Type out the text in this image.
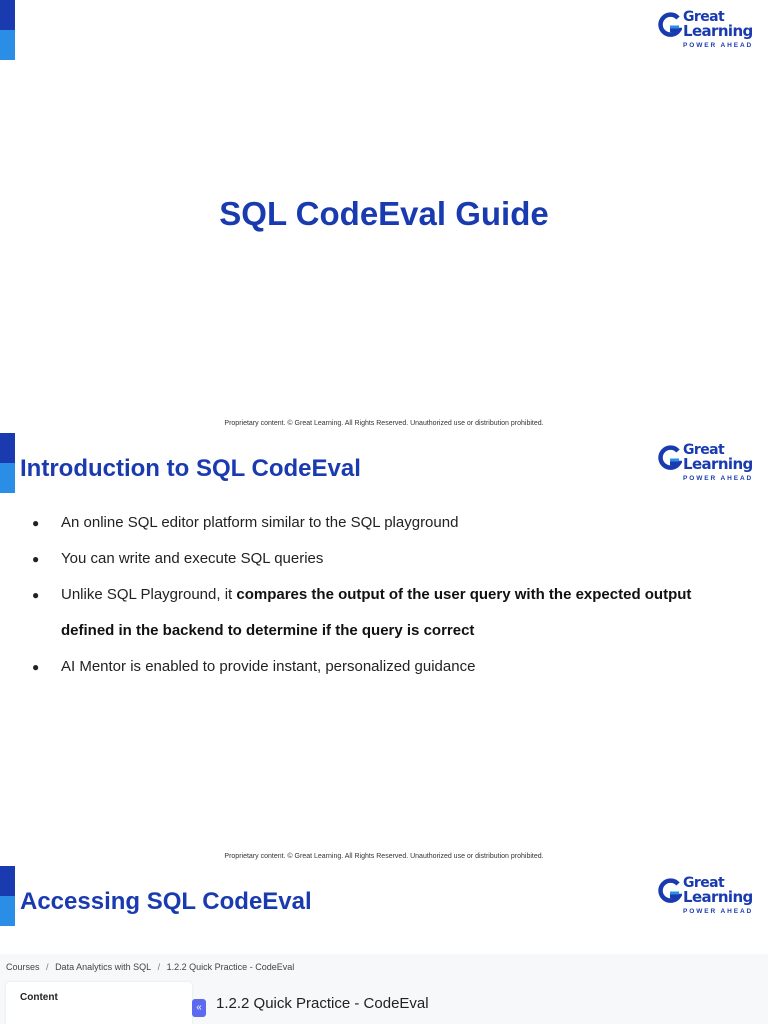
Great
Learning
POWER AHEAD
SQL CodeEval Guide
Proprietary content. © Great Learning. All Rights Reserved. Unauthorized use or distribution prohibited.
Great
Learning
POWER AHEAD
Introduction to SQL CodeEval
● An online SQL editor platform similar to the SQL playground
● You can write and execute SQL queries
● Unlike SQL Playground, it compares the output of the user query with the expected output defined in the backend to determine if the query is correct
● AI Mentor is enabled to provide instant, personalized guidance
Proprietary content. © Great Learning. All Rights Reserved. Unauthorized use or distribution prohibited.
Great
Learning
POWER AHEAD
Accessing SQL CodeEval
Courses / Data Analytics with SQL / 1.2.2 Quick Practice - CodeEval
Content
« 1.2.2 Quick Practice - CodeEval
